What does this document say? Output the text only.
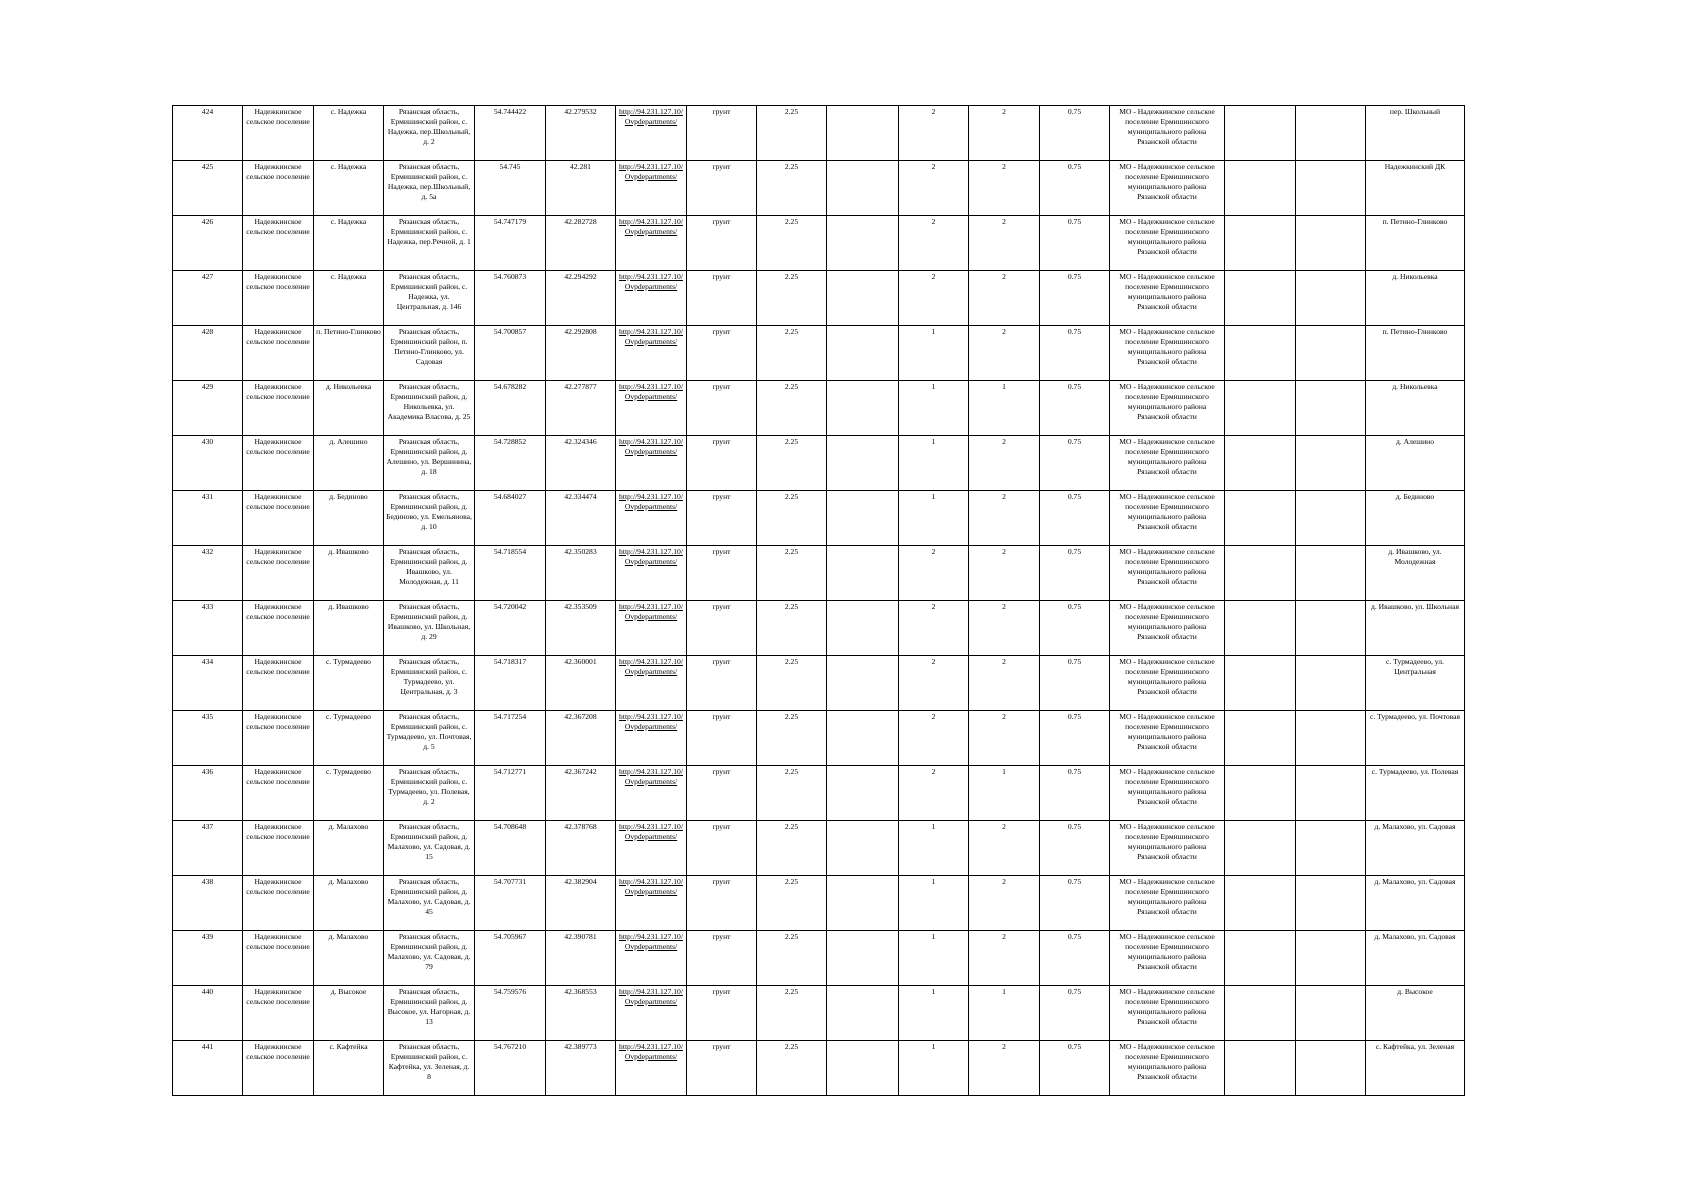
424	Надежкинское сельское поселение	с. Надежка	Рязанская область, Ермишинский район, с. Надежка, пер.Школьный, д. 2	54.744422	42.279532	http://94.231.127.10/Ovpdepartments/	грунт	2.25		2	2	0.75	МО - Надежкинское сельское поселение Ермишинского муниципального района Рязанской области			пер. Школьный
425	Надежкинское сельское поселение	с. Надежка	Рязанская область, Ермишинский район, с. Надежка, пер.Школьный, д. 5а	54.745	42.281	http://94.231.127.10/Ovpdepartments/	грунт	2.25		2	2	0.75	МО - Надежкинское сельское поселение Ермишинского муниципального района Рязанской области			Надежкинский ДК
426	Надежкинское сельское поселение	с. Надежка	Рязанская область, Ермишинский район, с. Надежка, пер.Речной, д. 1	54.747179	42.282728	http://94.231.127.10/Ovpdepartments/	грунт	2.25		2	2	0.75	МО - Надежкинское сельское поселение Ермишинского муниципального района Рязанской области			п. Петино-Глинково
427	Надежкинское сельское поселение	с. Надежка	Рязанская область, Ермишинский район, с. Надежка, ул. Центральная, д. 146	54.760873	42.294292	http://94.231.127.10/Ovpdepartments/	грунт	2.25		2	2	0.75	МО - Надежкинское сельское поселение Ермишинского муниципального района Рязанской области			д. Никольевка
428	Надежкинское сельское поселение	п. Петино-Глинково	Рязанская область, Ермишинский район, п. Петино-Глинково, ул. Садовая	54.700857	42.292808	http://94.231.127.10/Ovpdepartments/	грунт	2.25		1	2	0.75	МО - Надежкинское сельское поселение Ермишинского муниципального района Рязанской области			п. Петино-Глинково
429	Надежкинское сельское поселение	д. Никольевка	Рязанская область, Ермишинский район, д. Никольевка, ул. Академика Власова, д. 25	54.678282	42.277877	http://94.231.127.10/Ovpdepartments/	грунт	2.25		1	1	0.75	МО - Надежкинское сельское поселение Ермишинского муниципального района Рязанской области			д. Никольевка
430	Надежкинское сельское поселение	д. Алешино	Рязанская область, Ермишинский район, д. Алешино, ул. Вершинина, д. 18	54.728852	42.324346	http://94.231.127.10/Ovpdepartments/	грунт	2.25		1	2	0.75	МО - Надежкинское сельское поселение Ермишинского муниципального района Рязанской области			д. Алешино
431	Надежкинское сельское поселение	д. Бединово	Рязанская область, Ермишинский район, д. Бединово, ул. Емельянова, д. 10	54.684027	42.334474	http://94.231.127.10/Ovpdepartments/	грунт	2.25		1	2	0.75	МО - Надежкинское сельское поселение Ермишинского муниципального района Рязанской области			д. Бединово
432	Надежкинское сельское поселение	д. Ивашково	Рязанская область, Ермишинский район, д. Ивашково, ул. Молодежная, д. 11	54.718554	42.350283	http://94.231.127.10/Ovpdepartments/	грунт	2.25		2	2	0.75	МО - Надежкинское сельское поселение Ермишинского муниципального района Рязанской области			д. Ивашково, ул. Молодежная
433	Надежкинское сельское поселение	д. Ивашково	Рязанская область, Ермишинский район, д. Ивашково, ул. Школьная, д. 29	54.720042	42.353509	http://94.231.127.10/Ovpdepartments/	грунт	2.25		2	2	0.75	МО - Надежкинское сельское поселение Ермишинского муниципального района Рязанской области			д. Ивашково, ул. Школьная
434	Надежкинское сельское поселение	с. Турмадеево	Рязанская область, Ермишинский район, с. Турмадеево, ул. Центральная, д. 3	54.718317	42.360001	http://94.231.127.10/Ovpdepartments/	грунт	2.25		2	2	0.75	МО - Надежкинское сельское поселение Ермишинского муниципального района Рязанской области			с. Турмадеево, ул. Центральная
435	Надежкинское сельское поселение	с. Турмадеево	Рязанская область, Ермишинский район, с. Турмадеево, ул. Почтовая, д. 5	54.717254	42.367208	http://94.231.127.10/Ovpdepartments/	грунт	2.25		2	2	0.75	МО - Надежкинское сельское поселение Ермишинского муниципального района Рязанской области			с. Турмадеево, ул. Почтовая
436	Надежкинское сельское поселение	с. Турмадеево	Рязанская область, Ермишинский район, с. Турмадеево, ул. Полевая, д. 2	54.712771	42.367242	http://94.231.127.10/Ovpdepartments/	грунт	2.25		2	1	0.75	МО - Надежкинское сельское поселение Ермишинского муниципального района Рязанской области			с. Турмадеево, ул. Полевая
437	Надежкинское сельское поселение	д. Малахово	Рязанская область, Ермишинский район, д. Малахово, ул. Садовая, д. 15	54.708648	42.378768	http://94.231.127.10/Ovpdepartments/	грунт	2.25		1	2	0.75	МО - Надежкинское сельское поселение Ермишинского муниципального района Рязанской области			д. Малахово, ул. Садовая
438	Надежкинское сельское поселение	д. Малахово	Рязанская область, Ермишинский район, д. Малахово, ул. Садовая, д. 45	54.707731	42.382904	http://94.231.127.10/Ovpdepartments/	грунт	2.25		1	2	0.75	МО - Надежкинское сельское поселение Ермишинского муниципального района Рязанской области			д. Малахово, ул. Садовая
439	Надежкинское сельское поселение	д. Малахово	Рязанская область, Ермишинский район, д. Малахово, ул. Садовая, д. 79	54.705967	42.390781	http://94.231.127.10/Ovpdepartments/	грунт	2.25		1	2	0.75	МО - Надежкинское сельское поселение Ермишинского муниципального района Рязанской области			д. Малахово, ул. Садовая
440	Надежкинское сельское поселение	д. Высокое	Рязанская область, Ермишинский район, д. Высокое, ул. Нагорная, д. 13	54.759576	42.368553	http://94.231.127.10/Ovpdepartments/	грунт	2.25		1	1	0.75	МО - Надежкинское сельское поселение Ермишинского муниципального района Рязанской области			д. Высокое
441	Надежкинское сельское поселение	с. Кафтейка	Рязанская область, Ермишинский район, с. Кафтейка, ул. Зеленая, д. 8	54.767210	42.389773	http://94.231.127.10/Ovpdepartments/	грунт	2.25		1	2	0.75	МО - Надежкинское сельское поселение Ермишинского муниципального района Рязанской области			с. Кафтейка, ул. Зеленая
